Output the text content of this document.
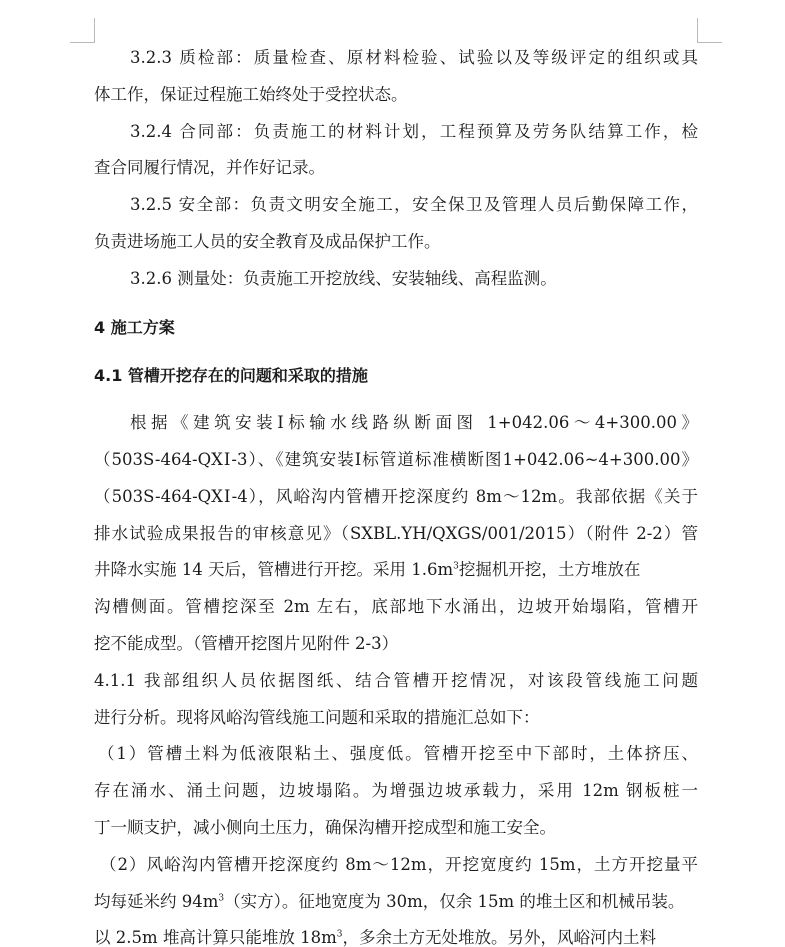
3.2.3 质检部：质量检查、原材料检验、试验以及等级评定的组织或具
体工作，保证过程施工始终处于受控状态。
3.2.4 合同部：负责施工的材料计划，工程预算及劳务队结算工作，检
查合同履行情况，并作好记录。
3.2.5 安全部：负责文明安全施工，安全保卫及管理人员后勤保障工作，
负责进场施工人员的安全教育及成品保护工作。
3.2.6 测量处：负责施工开挖放线、安装轴线、高程监测。
4 施工方案
4.1 管槽开挖存在的问题和采取的措施
根据《建筑安装Ⅰ标输水线路纵断面图 1+042.06～4+300.00》
（503S-464-QXⅠ-3）、《建筑安装Ⅰ标管道标准横断图1+042.06~4+300.00》
（503S-464-QXⅠ-4），风峪沟内管槽开挖深度约 8m～12m。我部依据《关于
排水试验成果报告的审核意见》（SXBL.YH/QXGS/001/2015）（附件 2-2）管
井降水实施 14 天后，管槽进行开挖。采用 $1.6m^3$挖掘机开挖，土方堆放在
沟槽侧面。管槽挖深至 2m 左右，底部地下水涌出，边坡开始塌陷，管槽开
挖不能成型。（管槽开挖图片见附件 2-3）
4.1.1 我部组织人员依据图纸、结合管槽开挖情况，对该段管线施工问题
进行分析。现将风峪沟管线施工问题和采取的措施汇总如下：
（1）管槽土料为低液限粘土、强度低。管槽开挖至中下部时，土体挤压、
存在涌水、涌土问题，边坡塌陷。为增强边坡承载力，采用 12m 钢板桩一
丁一顺支护，减小侧向土压力，确保沟槽开挖成型和施工安全。
（2）风峪沟内管槽开挖深度约 8m～12m，开挖宽度约 15m，土方开挖量平
均每延米约 $94m^3$（实方）。征地宽度为 30m，仅余 15m 的堆土区和机械吊装。
以 2.5m 堆高计算只能堆放 $18m^3$，多余土方无处堆放。另外，风峪河内土料
